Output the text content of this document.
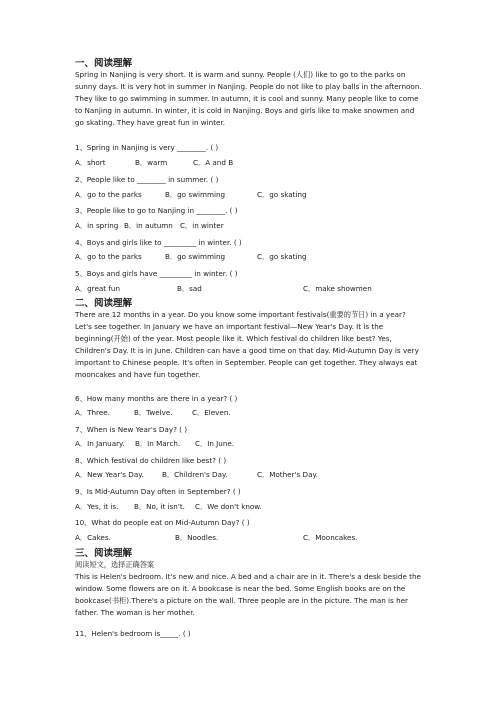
一、阅读理解

Spring in Nanjing is very short. It is warm and sunny. People (人们) like to go to the parks on sunny days. It is very hot in summer in Nanjing. People do not like to play balls in the afternoon. They like to go swimming in summer. In autumn, it is cool and sunny. Many people like to come to Nanjing in autumn. In winter, it is cold in Nanjing. Boys and girls like to make snowmen and go skating. They have great fun in winter.

1、Spring in Nanjing is very ________. ( )
A．short	B．warm	C．A and B
2、People like to ________ in summer. ( )
A．go to the parks	B．go swimming	C．go skating
3、People like to go to Nanjing in ________. ( )
A．in spring B．in autumn C．in winter
4、Boys and girls like to _________ in winter. ( )
A．go to the parks	B．go swimming	C．go skating
5、Boys and girls have _________ in winter. ( )
A．great fun	B．sad	C．make showmen
二、阅读理解

There are 12 months in a year. Do you know some important festivals(重要的节日) in a year? Let's see together. In January we have an important festival—New Year's Day. It is the beginning(开始) of the year. Most people like it. Which festival do children like best? Yes, Children's Day. It is in June. Children can have a good time on that day. Mid-Autumn Day is very important to Chinese people. It's often in September. People can get together. They always eat mooncakes and have fun together.

6、How many months are there in a year? ( )
A．Three.	B．Twelve.	C．Eleven.
7、When is New Year's Day? ( )
A．In January. B．In March. C．In June.
8、Which festival do children like best? ( )
A．New Year's Day.	B．Children's Day.	C．Mother's Day.
9、Is Mid-Autumn Day often in September? ( )
A．Yes, it is. B．No, it isn't. C．We don't know.
10、What do people eat on Mid-Autumn Day? ( )
A．Cakes.	B．Noodles.	C．Mooncakes.
三、阅读理解
阅读短文，选择正确答案

This is Helen's bedroom. It's new and nice. A bed and a chair are in it. There's a desk beside the window. Some flowers are on it. A bookcase is near the bed. Some English books are on the bookcase(书柜).There's a picture on the wall. Three people are in the picture. The man is her father. The woman is her mother.

11、Helen's bedroom is_____. ( )
